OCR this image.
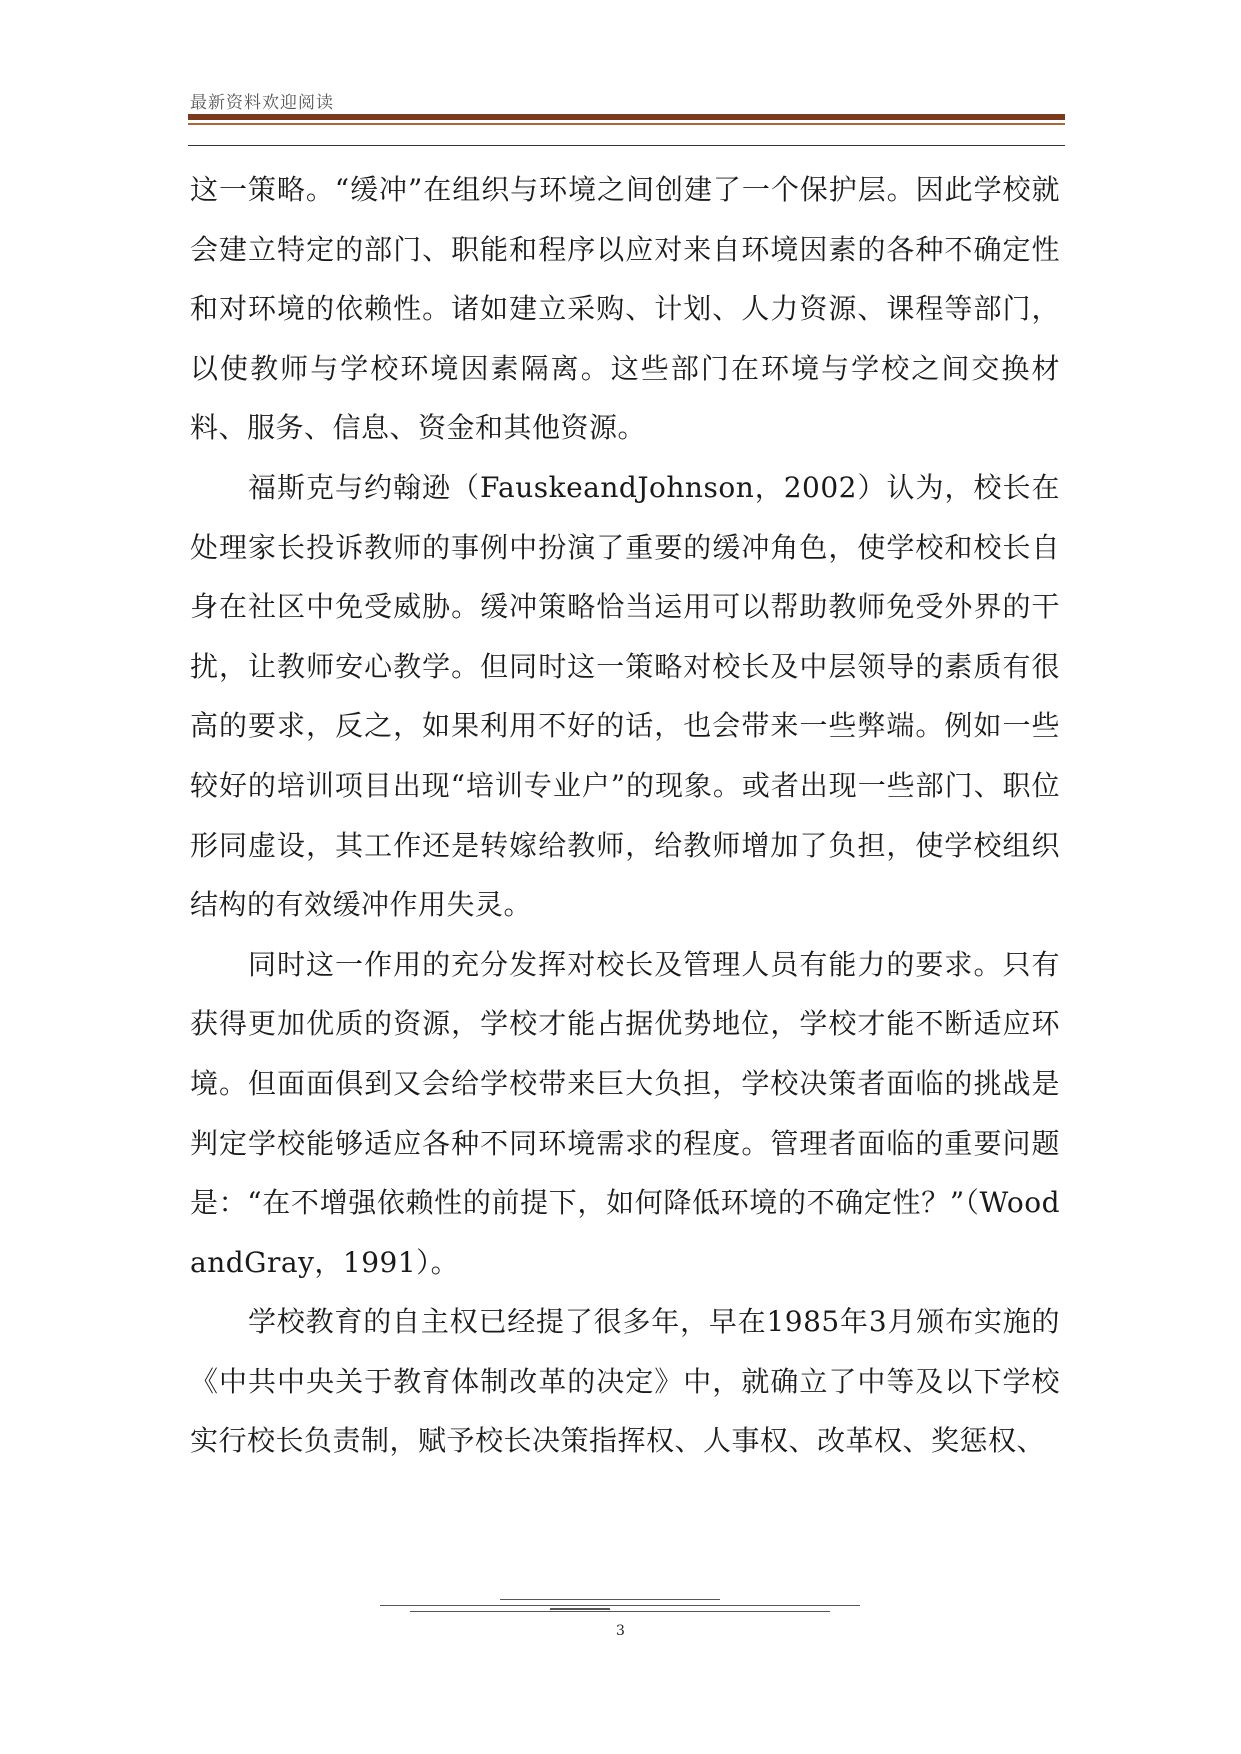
最新资料欢迎阅读

这一策略。“缓冲”在组织与环境之间创建了一个保护层。因此学校就会建立特定的部门、职能和程序以应对来自环境因素的各种不确定性和对环境的依赖性。诸如建立采购、计划、人力资源、课程等部门，以使教师与学校环境因素隔离。这些部门在环境与学校之间交换材料、服务、信息、资金和其他资源。

福斯克与约翰逊（FauskeandJohnson，2002）认为，校长在处理家长投诉教师的事例中扮演了重要的缓冲角色，使学校和校长自身在社区中免受威胁。缓冲策略恰当运用可以帮助教师免受外界的干扰，让教师安心教学。但同时这一策略对校长及中层领导的素质有很高的要求，反之，如果利用不好的话，也会带来一些弊端。例如一些较好的培训项目出现“培训专业户”的现象。或者出现一些部门、职位形同虚设，其工作还是转嫁给教师，给教师增加了负担，使学校组织结构的有效缓冲作用失灵。

同时这一作用的充分发挥对校长及管理人员有能力的要求。只有获得更加优质的资源，学校才能占据优势地位，学校才能不断适应环境。但面面俱到又会给学校带来巨大负担，学校决策者面临的挑战是判定学校能够适应各种不同环境需求的程度。管理者面临的重要问题是：“在不增强依赖性的前提下，如何降低环境的不确定性？”（WoodandGray，1991）。

学校教育的自主权已经提了很多年，早在1985年3月颁布实施的《中共中央关于教育体制改革的决定》中，就确立了中等及以下学校实行校长负责制，赋予校长决策指挥权、人事权、改革权、奖惩权、

3
